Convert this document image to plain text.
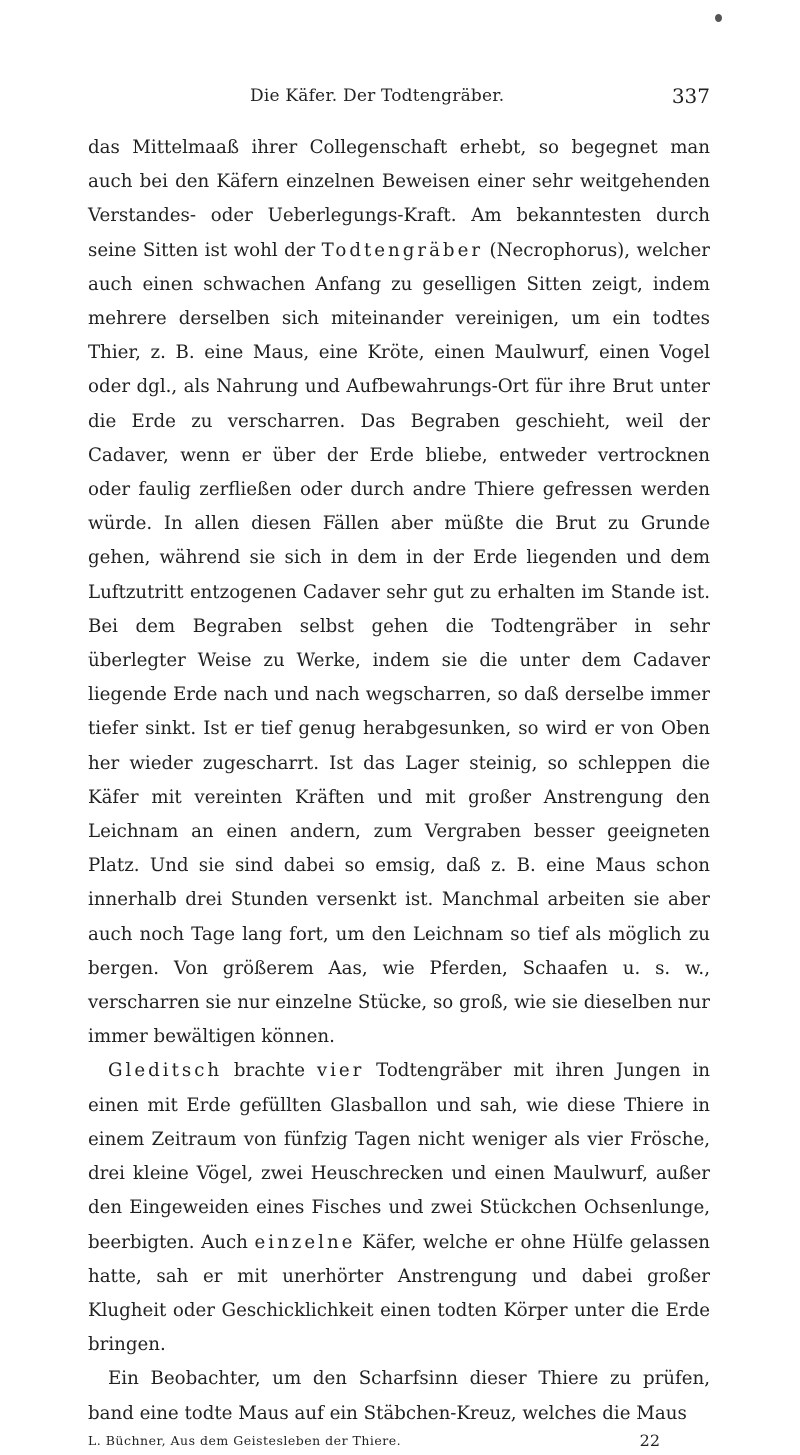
Die Käfer. Der Todtengräber.	337

das Mittelmaaß ihrer Collegenschaft erhebt, so begegnet man auch bei den Käfern einzelnen Beweisen einer sehr weitgehenden Verstandes- oder Ueberlegungs-Kraft. Am bekanntesten durch seine Sitten ist wohl der Todtengräber (Necrophorus), welcher auch einen schwachen Anfang zu geselligen Sitten zeigt, indem mehrere derselben sich miteinander vereinigen, um ein todtes Thier, z. B. eine Maus, eine Kröte, einen Maulwurf, einen Vogel oder dgl., als Nahrung und Aufbewahrungs-Ort für ihre Brut unter die Erde zu verscharren. Das Begraben geschieht, weil der Cadaver, wenn er über der Erde bliebe, entweder vertrocknen oder faulig zerfließen oder durch andre Thiere gefressen werden würde. In allen diesen Fällen aber müßte die Brut zu Grunde gehen, während sie sich in dem in der Erde liegenden und dem Luftzutritt entzogenen Cadaver sehr gut zu erhalten im Stande ist. Bei dem Begraben selbst gehen die Todtengräber in sehr überlegter Weise zu Werke, indem sie die unter dem Cadaver liegende Erde nach und nach wegscharren, so daß derselbe immer tiefer sinkt. Ist er tief genug herabgesunken, so wird er von Oben her wieder zugescharrt. Ist das Lager steinig, so schleppen die Käfer mit vereinten Kräften und mit großer Anstrengung den Leichnam an einen andern, zum Vergraben besser geeigneten Platz. Und sie sind dabei so emsig, daß z. B. eine Maus schon innerhalb drei Stunden versenkt ist. Manchmal arbeiten sie aber auch noch Tage lang fort, um den Leichnam so tief als möglich zu bergen. Von größerem Aas, wie Pferden, Schaafen u. s. w., verscharren sie nur einzelne Stücke, so groß, wie sie dieselben nur immer bewältigen können.

Gleditsch brachte vier Todtengräber mit ihren Jungen in einen mit Erde gefüllten Glasballon und sah, wie diese Thiere in einem Zeitraum von fünfzig Tagen nicht weniger als vier Frösche, drei kleine Vögel, zwei Heuschrecken und einen Maulwurf, außer den Eingeweiden eines Fisches und zwei Stückchen Ochsenlunge, beerbigten. Auch einzelne Käfer, welche er ohne Hülfe gelassen hatte, sah er mit unerhörter Anstrengung und dabei großer Klugheit oder Geschicklichkeit einen todten Körper unter die Erde bringen.

Ein Beobachter, um den Scharfsinn dieser Thiere zu prüfen, band eine todte Maus auf ein Stäbchen-Kreuz, welches die Maus

L. Büchner, Aus dem Geistesleben der Thiere.	22
